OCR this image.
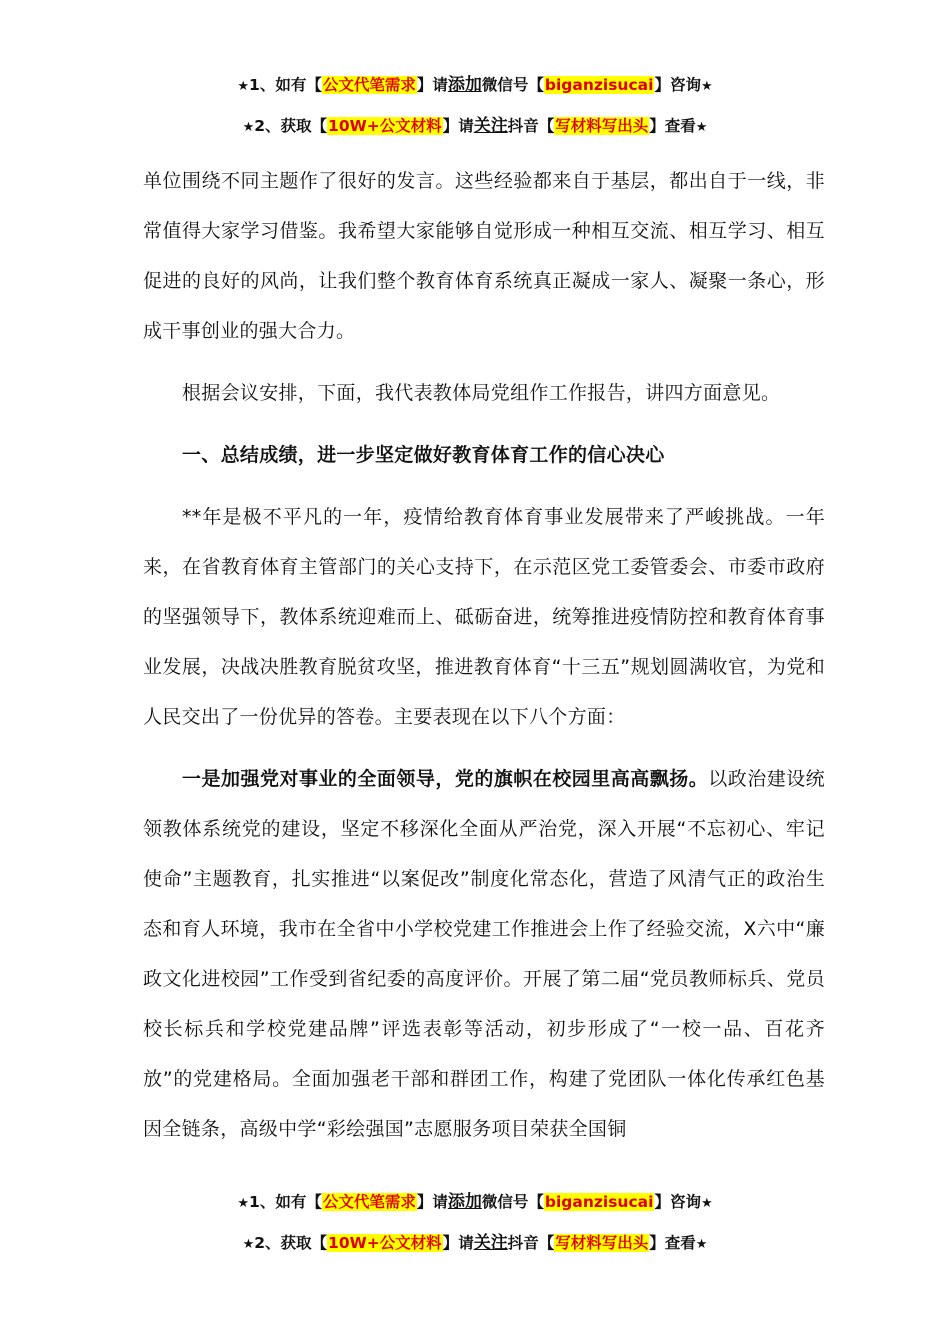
★1、如有【公文代笔需求】请添加微信号【biganzisucai】咨询★
★2、获取【10W+公文材料】请关注抖音【写材料写出头】查看★

单位围绕不同主题作了很好的发言。这些经验都来自于基层，都出自于一线，非常值得大家学习借鉴。我希望大家能够自觉形成一种相互交流、相互学习、相互促进的良好的风尚，让我们整个教育体育系统真正凝成一家人、凝聚一条心，形成干事创业的强大合力。

根据会议安排，下面，我代表教体局党组作工作报告，讲四方面意见。

一、总结成绩，进一步坚定做好教育体育工作的信心决心

**年是极不平凡的一年，疫情给教育体育事业发展带来了严峻挑战。一年来，在省教育体育主管部门的关心支持下，在示范区党工委管委会、市委市政府的坚强领导下，教体系统迎难而上、砥砺奋进，统筹推进疫情防控和教育体育事业发展，决战决胜教育脱贫攻坚，推进教育体育“十三五”规划圆满收官，为党和人民交出了一份优异的答卷。主要表现在以下八个方面：

一是加强党对事业的全面领导，党的旗帜在校园里高高飘扬。以政治建设统领教体系统党的建设，坚定不移深化全面从严治党，深入开展“不忘初心、牢记使命”主题教育，扎实推进“以案促改”制度化常态化，营造了风清气正的政治生态和育人环境，我市在全省中小学校党建工作推进会上作了经验交流，X六中“廉政文化进校园”工作受到省纪委的高度评价。开展了第二届“党员教师标兵、党员校长标兵和学校党建品牌”评选表彰等活动，初步形成了“一校一品、百花齐放”的党建格局。全面加强老干部和群团工作，构建了党团队一体化传承红色基因全链条，高级中学“彩绘强国”志愿服务项目荣获全国铜

★1、如有【公文代笔需求】请添加微信号【biganzisucai】咨询★
★2、获取【10W+公文材料】请关注抖音【写材料写出头】查看★
